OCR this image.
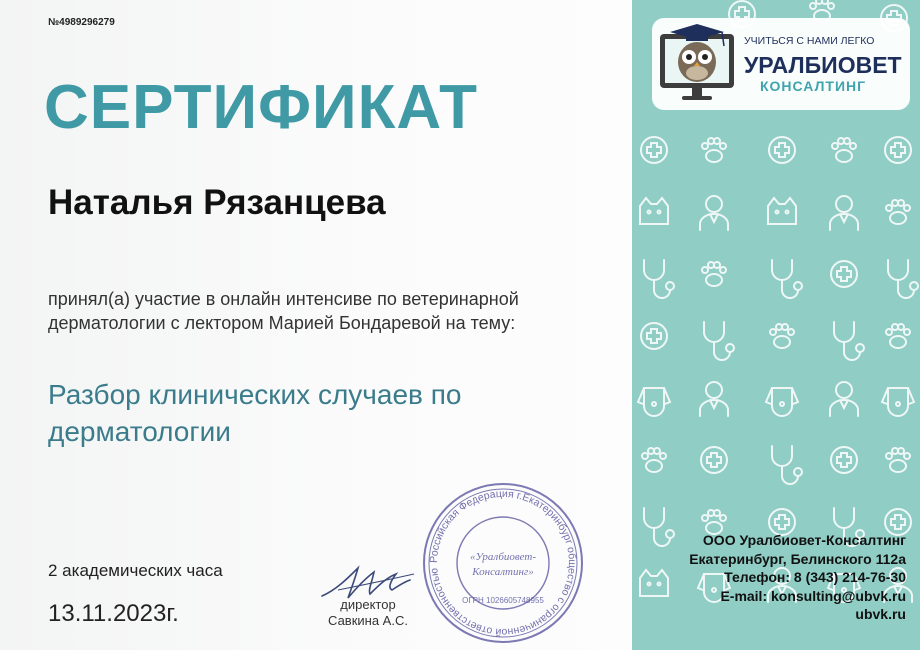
№4989296279
СЕРТИФИКАТ
Наталья Рязанцева
принял(а) участие в онлайн интенсиве по ветеринарной
дерматологии с лектором Марией Бондаревой на тему:
Разбор клинических случаев по дерматологии
2 академических часа
13.11.2023г.
Российская Федерация г.Екатеринбург общество с ограниченной ответственностью
ОГРН 1026605748955
«Уралбиовет-
Консалтинг»
директор
Савкина А.С.
УЧИТЬСЯ С НАМИ ЛЕГКО
УРАЛБИОВЕТ
КОНСАЛТИНГ
ООО Уралбиовет-Консалтинг
Екатеринбург, Белинского 112а
Телефон: 8 (343) 214-76-30
E-mail: konsulting@ubvk.ru
ubvk.ru
